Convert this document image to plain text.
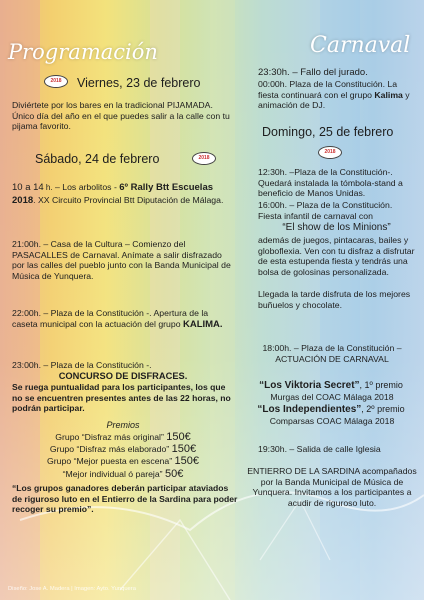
Programación	Carnaval
2018	Viernes, 23 de febrero
Diviértete por los bares en la tradicional PIJAMADA. Único día del año en el que puedes salir a la calle con tu pijama favorito.
Sábado, 24 de febrero	2018
10 a 14 h. – Los arbolitos - 6º Rally Btt Escuelas 2018. XX Circuito Provincial Btt Diputación de Málaga.
21:00h. – Casa de la Cultura – Comienzo del PASACALLES de Carnaval. Anímate a salir disfrazado por las calles del pueblo junto con la Banda Municipal de Música de Yunquera.
22:00h. – Plaza de la Constitución -. Apertura de la caseta municipal con la actuación del grupo KALIMA.
23:00h. – Plaza de la Constitución -.
CONCURSO DE DISFRACES.
Se ruega puntualidad para los participantes, los que no se encuentren presentes antes de las 22 horas, no podrán participar.
Premios
Grupo “Disfraz más original” 150€
Grupo “Disfraz más elaborado” 150€
Grupo “Mejor puesta en escena” 150€
“Mejor individual ó pareja” 50€
“Los grupos ganadores deberán participar ataviados de riguroso luto en el Entierro de la Sardina para poder recoger su premio”.
23:30h. – Fallo del jurado.
00:00h. Plaza de la Constitución. La fiesta continuará con el grupo Kalima y animación de DJ.
Domingo, 25 de febrero
2018
12:30h. –Plaza de la Constitución-. Quedará instalada la tómbola-stand a beneficio de Manos Unidas.
16:00h. – Plaza de la Constitución. Fiesta infantil de carnaval con
“El show de los Minions”
además de juegos, pintacaras, bailes y globoflexia. Ven con tu disfraz a disfrutar de esta estupenda fiesta y tendrás una bolsa de golosinas personalizada.
Llegada la tarde disfruta de los mejores buñuelos y chocolate.
18:00h. – Plaza de la Constitución –
ACTUACIÓN DE CARNAVAL
“Los Viktoria Secret”, 1º premio
Murgas del COAC Málaga 2018
“Los Independientes”, 2º premio
Comparsas COAC Málaga 2018
19:30h. – Salida de calle Iglesia
ENTIERRO DE LA SARDINA acompañados por la Banda Municipal de Música de Yunquera. Invitamos a los participantes a acudir de riguroso luto.
Diseño: Jose A. Madera | Imagen: Ayto. Yunquera
